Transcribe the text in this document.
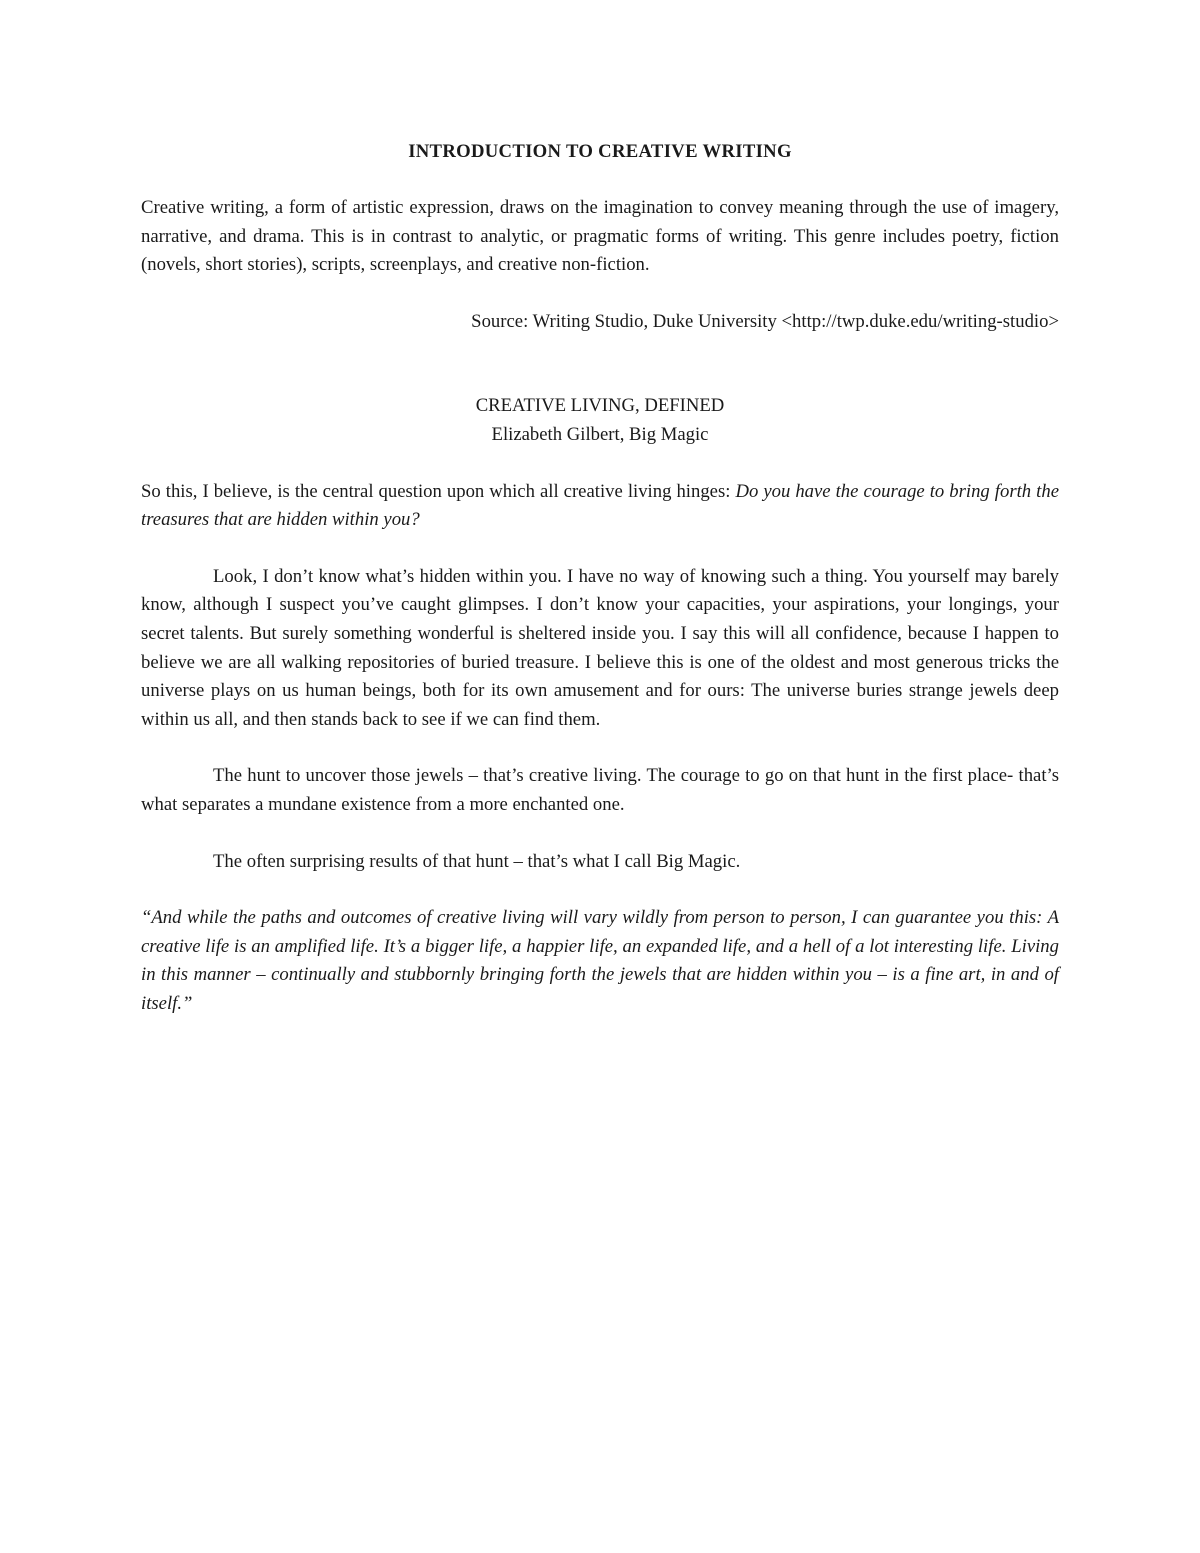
INTRODUCTION TO CREATIVE WRITING

Creative writing, a form of artistic expression, draws on the imagination to convey meaning through the use of imagery, narrative, and drama. This is in contrast to analytic, or pragmatic forms of writing. This genre includes poetry, fiction (novels, short stories), scripts, screenplays, and creative non-fiction.

Source: Writing Studio, Duke University <http://twp.duke.edu/writing-studio>

CREATIVE LIVING, DEFINED

Elizabeth Gilbert, Big Magic

So this, I believe, is the central question upon which all creative living hinges: Do you have the courage to bring forth the treasures that are hidden within you?

Look, I don’t know what’s hidden within you. I have no way of knowing such a thing. You yourself may barely know, although I suspect you’ve caught glimpses. I don’t know your capacities, your aspirations, your longings, your secret talents. But surely something wonderful is sheltered inside you. I say this will all confidence, because I happen to believe we are all walking repositories of buried treasure. I believe this is one of the oldest and most generous tricks the universe plays on us human beings, both for its own amusement and for ours: The universe buries strange jewels deep within us all, and then stands back to see if we can find them.

The hunt to uncover those jewels – that’s creative living. The courage to go on that hunt in the first place- that’s what separates a mundane existence from a more enchanted one.

The often surprising results of that hunt – that’s what I call Big Magic.

“And while the paths and outcomes of creative living will vary wildly from person to person, I can guarantee you this: A creative life is an amplified life. It’s a bigger life, a happier life, an expanded life, and a hell of a lot interesting life. Living in this manner – continually and stubbornly bringing forth the jewels that are hidden within you – is a fine art, in and of itself.”
